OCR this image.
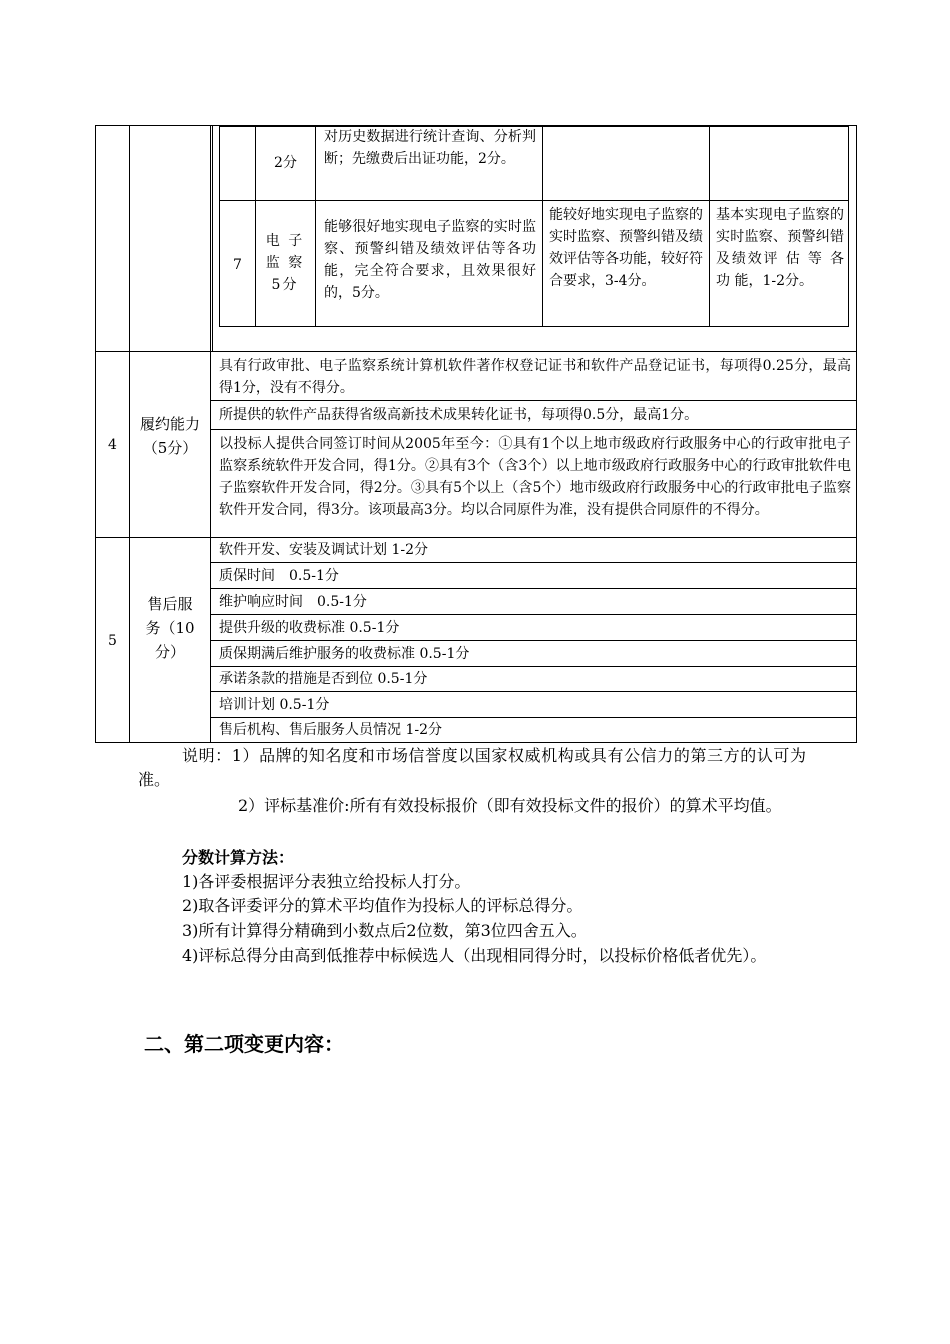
2分
对历史数据进行统计查询、分析判断；先缴费后出证功能，2分。
7
电 子 监 察 5分
能够很好地实现电子监察的实时监察、预警纠错及绩效评估等各功能，完全符合要求，且效果很好的，5分。
能较好地实现电子监察的实时监察、预警纠错及绩效评估等各功能，较好符合要求，3-4分。
基本实现电子监察的实时监察、预警纠错及绩效评 估 等 各 功 能，1-2分。
4
履约能力（5分）
具有行政审批、电子监察系统计算机软件著作权登记证书和软件产品登记证书，每项得0.25分，最高得1分，没有不得分。
所提供的软件产品获得省级高新技术成果转化证书，每项得0.5分，最高1分。
以投标人提供合同签订时间从2005年至今：①具有1个以上地市级政府行政服务中心的行政审批电子监察系统软件开发合同，得1分。②具有3个（含3个）以上地市级政府行政服务中心的行政审批软件电子监察软件开发合同，得2分。③具有5个以上（含5个）地市级政府行政服务中心的行政审批电子监察软件开发合同，得3分。该项最高3分。均以合同原件为准，没有提供合同原件的不得分。
5
售后服务（10分）
软件开发、安装及调试计划 1-2分
质保时间　0.5-1分
维护响应时间　0.5-1分
提供升级的收费标准 0.5-1分
质保期满后维护服务的收费标准 0.5-1分
承诺条款的措施是否到位 0.5-1分
培训计划 0.5-1分
售后机构、售后服务人员情况 1-2分
说明：1）品牌的知名度和市场信誉度以国家权威机构或具有公信力的第三方的认可为准。
2）评标基准价:所有有效投标报价（即有效投标文件的报价）的算术平均值。
分数计算方法：
1)各评委根据评分表独立给投标人打分。
2)取各评委评分的算术平均值作为投标人的评标总得分。
3)所有计算得分精确到小数点后2位数，第3位四舍五入。
4)评标总得分由高到低推荐中标候选人（出现相同得分时，以投标价格低者优先）。
二、第二项变更内容：
